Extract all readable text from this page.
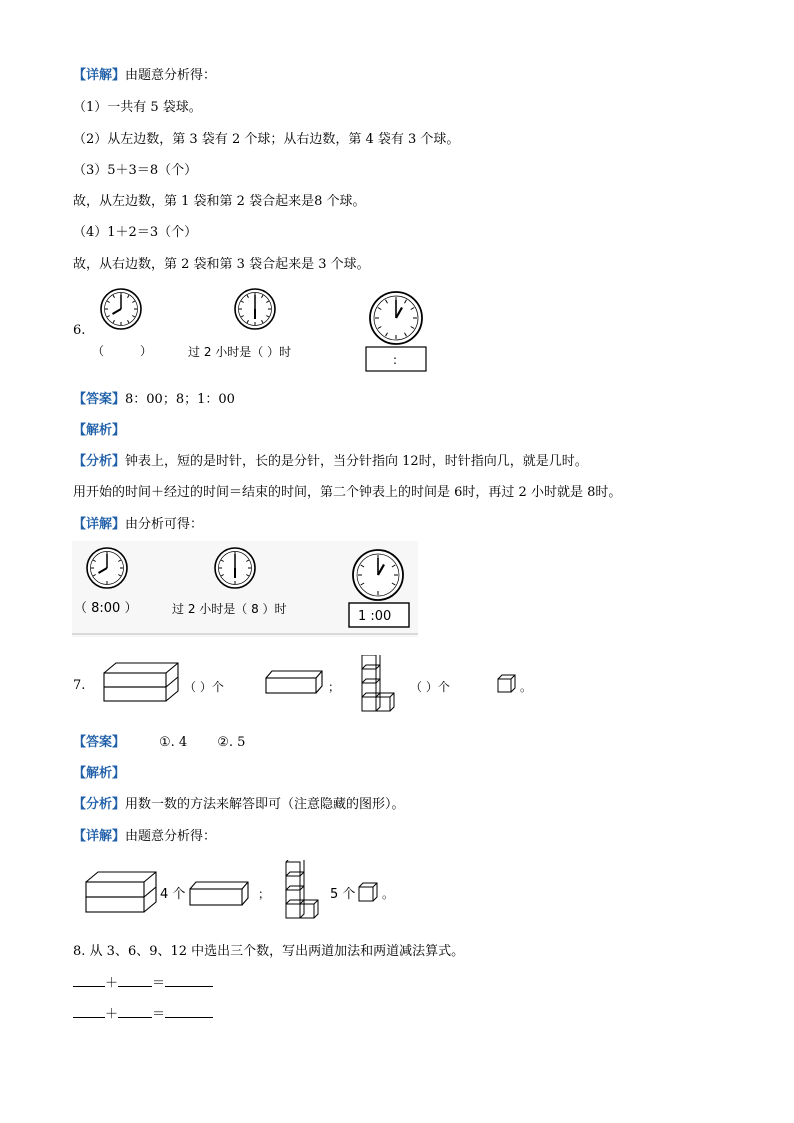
【详解】由题意分析得：
（1）一共有 5 袋球。
（2）从左边数，第 3 袋有 2 个球；从右边数，第 4 袋有 3 个球。
（3）5＋3＝8（个）
故，从左边数，第 1 袋和第 2 袋合起来是8 个球。
（4）1＋2＝3（个）
故，从右边数，第 2 袋和第 3 袋合起来是 3 个球。
6.
（	）	过 2 小时是（ ）时
:
【答案】8：00；8；1：00
【解析】
【分析】钟表上，短的是时针，长的是分针，当分针指向 12时，时针指向几，就是几时。
用开始的时间＋经过的时间＝结束的时间，第二个钟表上的时间是 6时，再过 2 小时就是 8时。
【详解】由分析可得：
（ 8:00 ）	过 2 小时是（ 8 ）时	1 :00
7.	（ ）个	；	（ ）个	。
【答案】	①. 4 ②. 5
【解析】
【分析】用数一数的方法来解答即可（注意隐藏的图形）。
【详解】由题意分析得：
4 个	；	5 个 。
8. 从 3、6、9、12 中选出三个数，写出两道加法和两道减法算式。
＋	＝
＋	＝
